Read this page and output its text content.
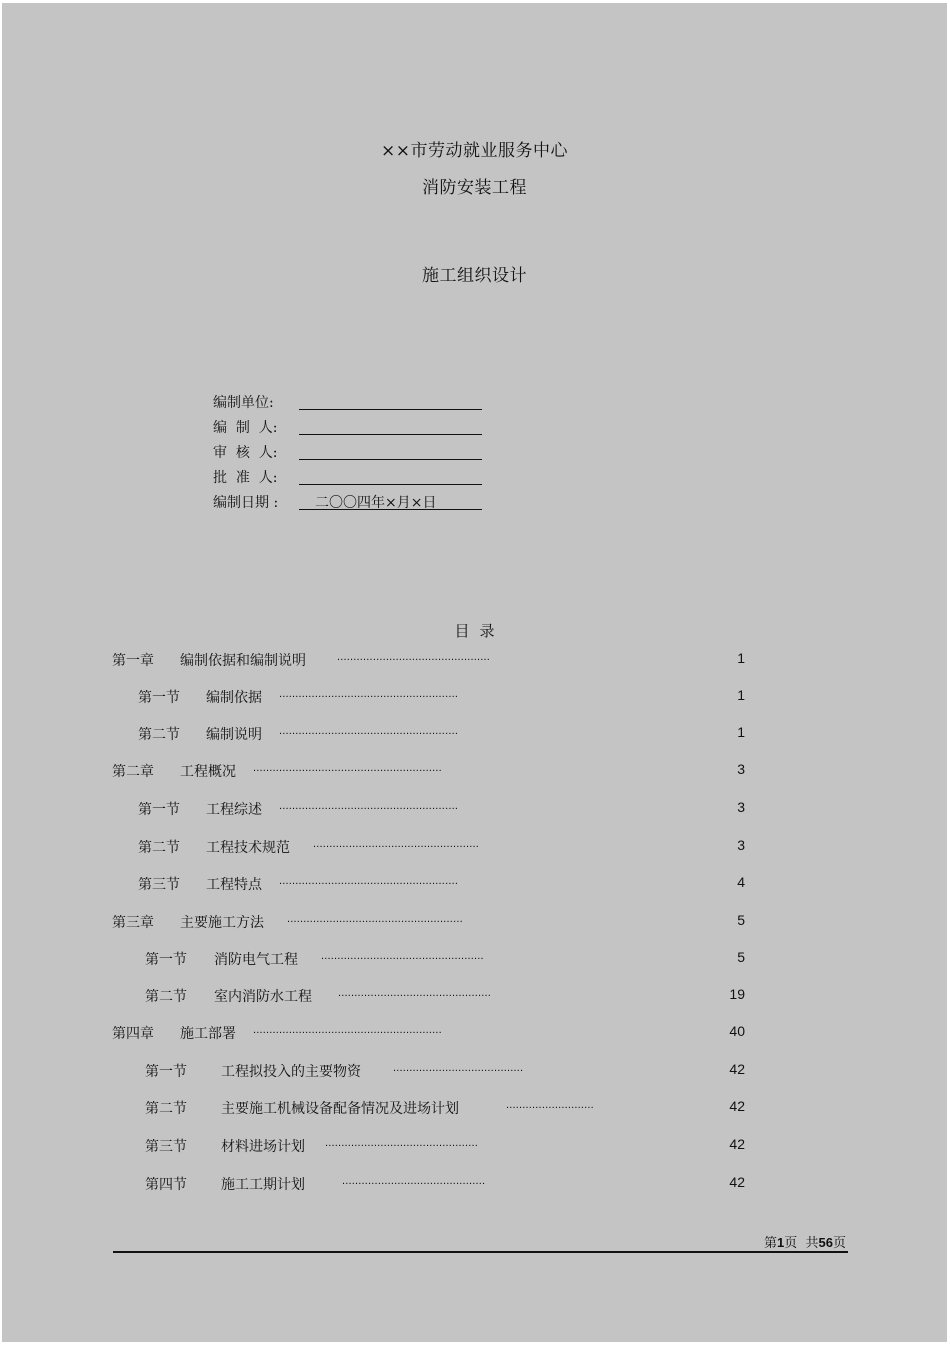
××市劳动就业服务中心
消防安装工程
施工组织设计
编制单位:
编  制  人:
审  核  人:
批  准  人:
编制日期 :	二〇〇四年×月×日
目录
第一章 编制依据和编制说明	...............................................	1
第一节 编制依据 .......................................................	1
第二节 编制说明 .......................................................	1
第二章 工程概况 ..........................................................	3
第一节 工程综述 .......................................................	3
第二节 工程技术规范 ...................................................	3
第三节 工程特点 .......................................................	4
第三章 主要施工方法 ......................................................	5
第一节 消防电气工程 ..................................................	5
第二节 室内消防水工程 ...............................................	19
第四章 施工部署 ..........................................................	40
第一节 工程拟投入的主要物资	........................................	42
第二节 主要施工机械设备配备情况及进场计划	...........................	42
第三节 材料进场计划 ...............................................	42
第四节 施工工期计划	............................................	42
第1页 共56页
